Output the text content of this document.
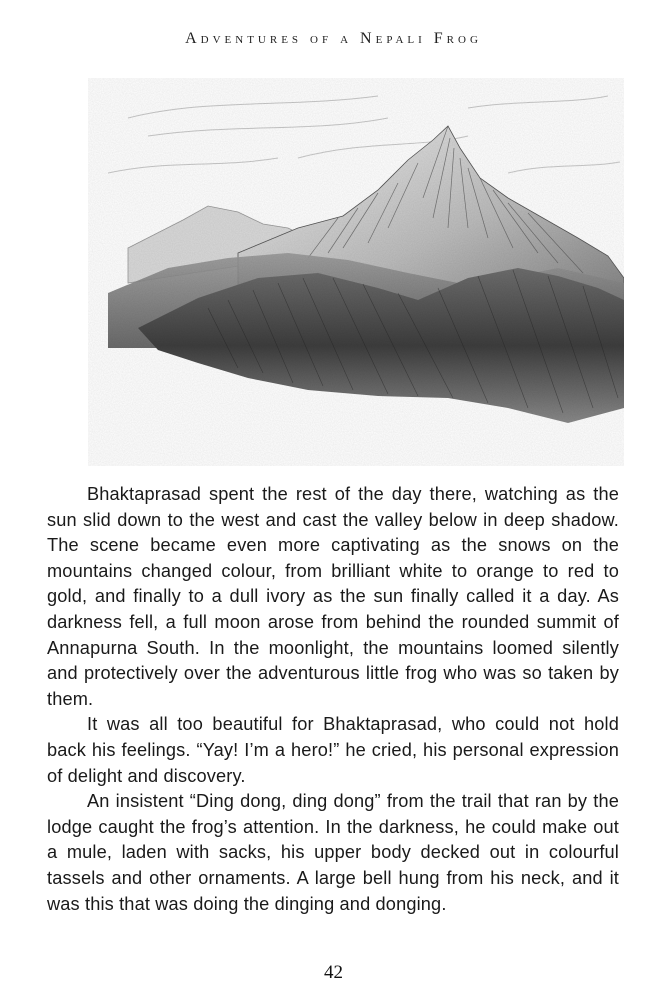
Adventures of a Nepali Frog

Bhaktaprasad spent the rest of the day there, watching as the sun slid down to the west and cast the valley below in deep shadow. The scene became even more captivating as the snows on the mountains changed colour, from brilliant white to orange to red to gold, and finally to a dull ivory as the sun finally called it a day. As darkness fell, a full moon arose from behind the rounded summit of Annapurna South. In the moonlight, the mountains loomed silently and protectively over the adventurous little frog who was so taken by them.

It was all too beautiful for Bhaktaprasad, who could not hold back his feelings. “Yay! I’m a hero!” he cried, his personal expression of delight and discovery.

An insistent “Ding dong, ding dong” from the trail that ran by the lodge caught the frog’s attention. In the darkness, he could make out a mule, laden with sacks, his upper body decked out in colourful tassels and other ornaments. A large bell hung from his neck, and it was this that was doing the dinging and donging.

42
